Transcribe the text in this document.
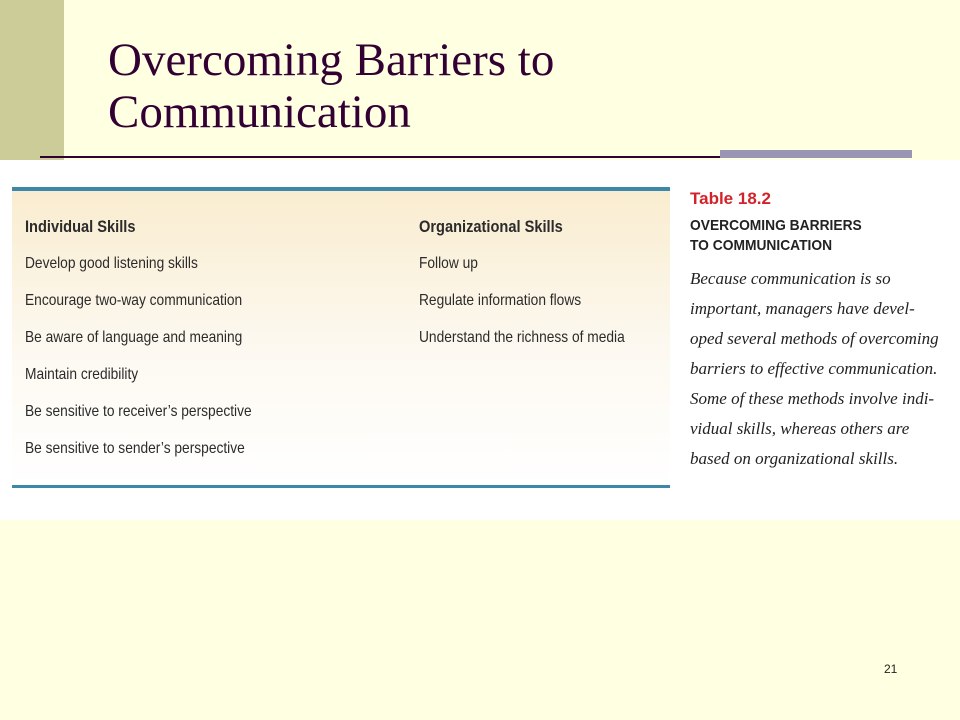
Overcoming Barriers to
Communication
Individual Skills
Develop good listening skills
Encourage two-way communication
Be aware of language and meaning
Maintain credibility
Be sensitive to receiver’s perspective
Be sensitive to sender’s perspective
Organizational Skills
Follow up
Regulate information flows
Understand the richness of media
Table 18.2
OVERCOMING BARRIERS
TO COMMUNICATION
Because communication is so
important, managers have devel-
oped several methods of overcoming
barriers to effective communication.
Some of these methods involve indi-
vidual skills, whereas others are
based on organizational skills.
21
